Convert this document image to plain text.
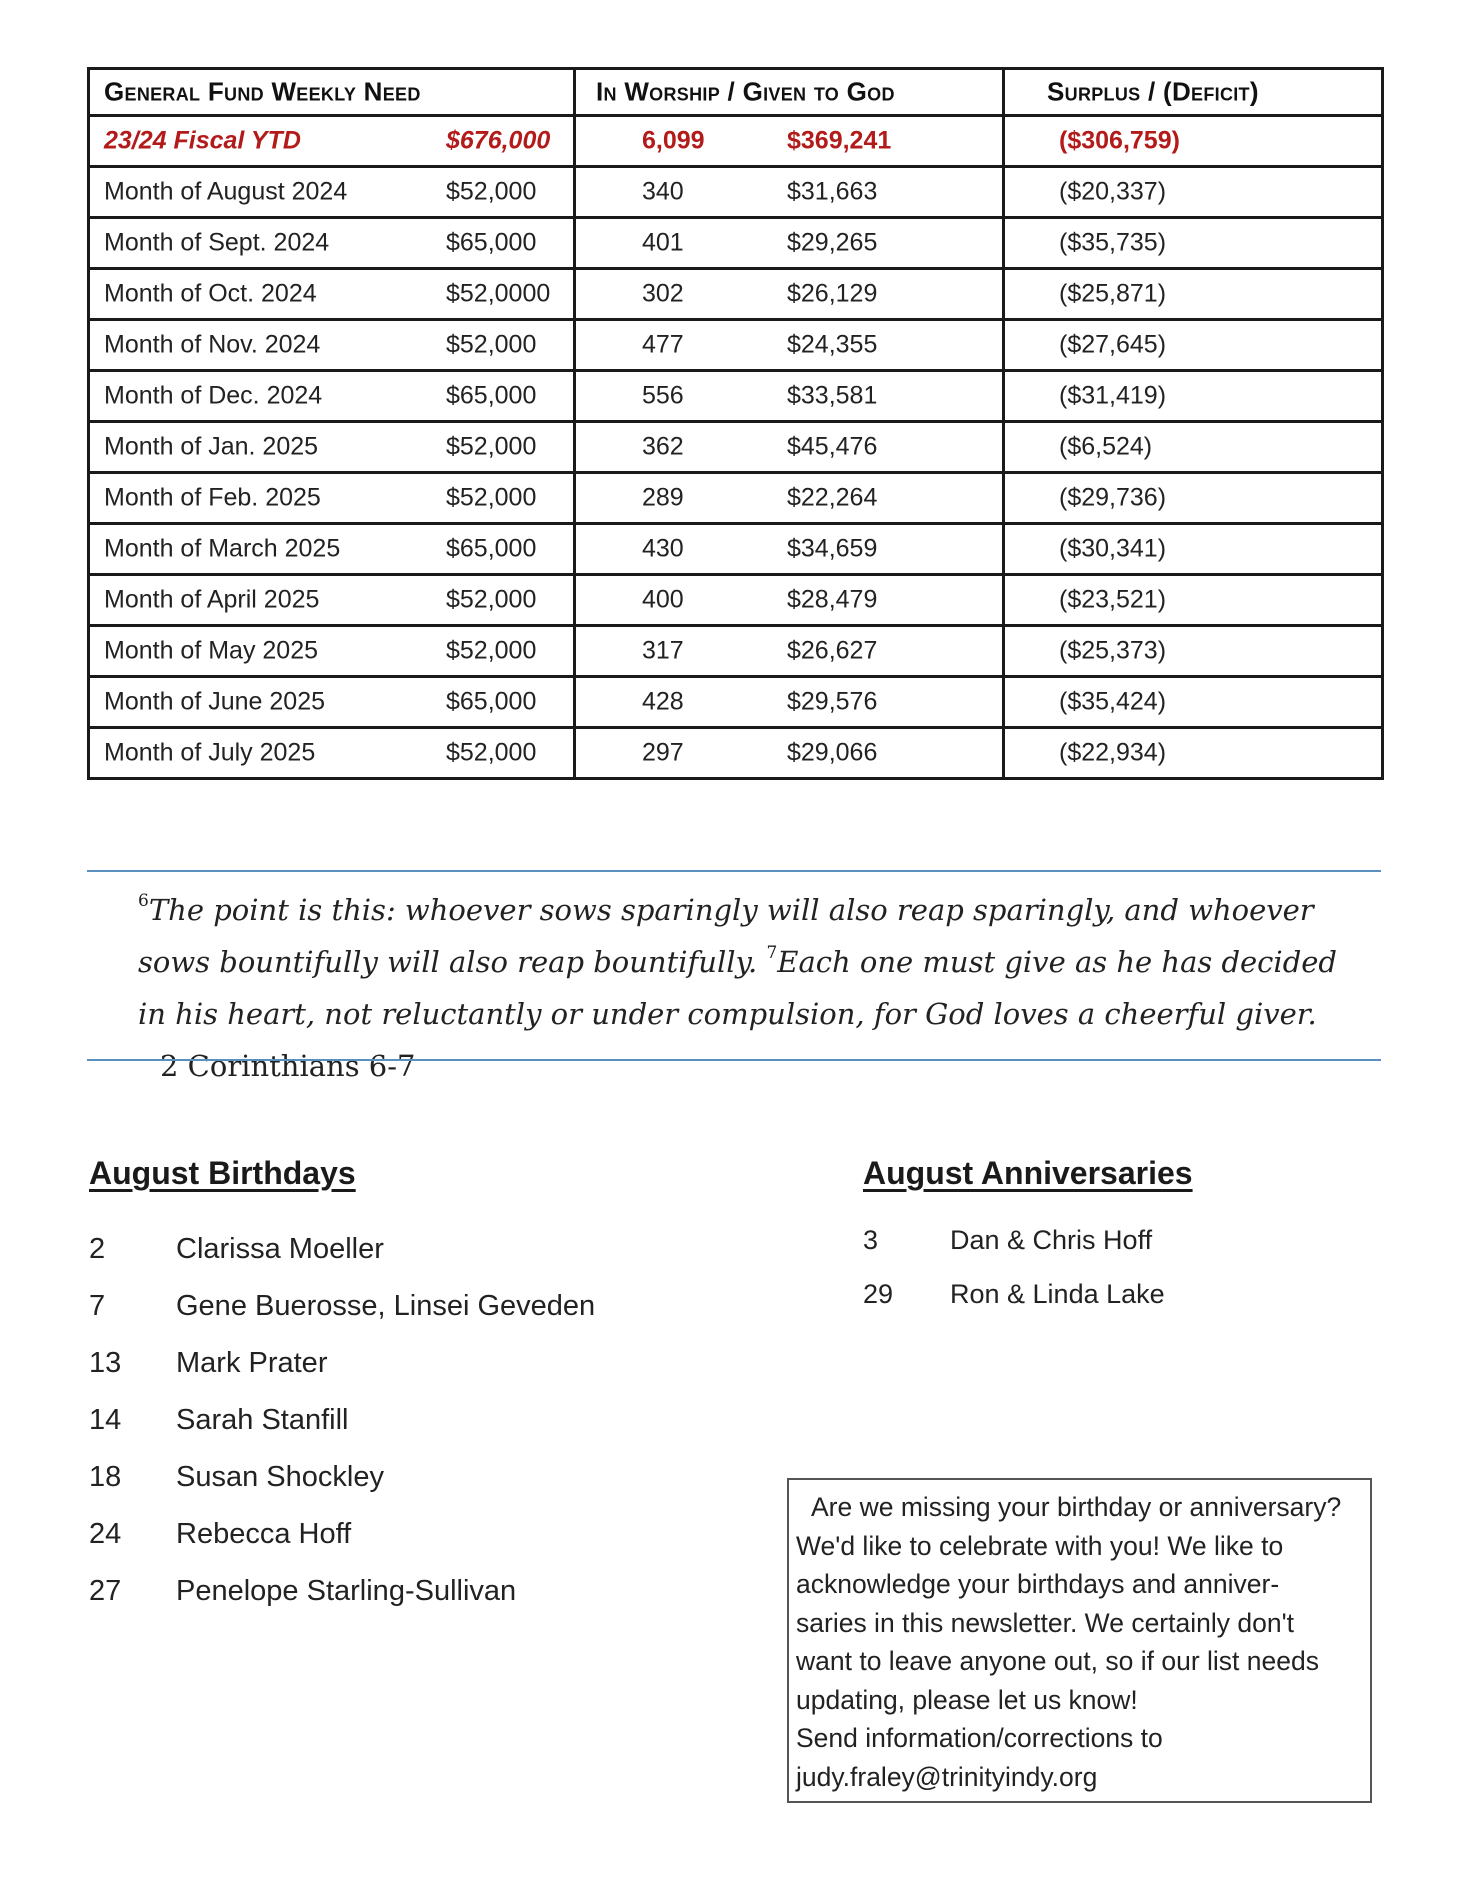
General Fund Weekly Need	In Worship / Given to God	Surplus / (Deficit)

23/24 Fiscal YTD $676,000	6,099 $369,241	($306,759)

Month of August 2024 $52,000	340 $31,663	($20,337)

Month of Sept. 2024 $65,000	401 $29,265	($35,735)

Month of Oct. 2024 $52,0000	302 $26,129	($25,871)

Month of Nov. 2024 $52,000	477 $24,355	($27,645)

Month of Dec. 2024 $65,000	556 $33,581	($31,419)

Month of Jan. 2025 $52,000	362 $45,476	($6,524)

Month of Feb. 2025 $52,000	289 $22,264	($29,736)

Month of March 2025 $65,000	430 $34,659	($30,341)

Month of April 2025 $52,000	400 $28,479	($23,521)

Month of May 2025 $52,000	317 $26,627	($25,373)

Month of June 2025 $65,000	428 $29,576	($35,424)

Month of July 2025 $52,000	297 $29,066	($22,934)
$^6$The point is this: whoever sows sparingly will also reap sparingly, and whoever sows bountifully will also reap bountifully. $^7$Each one must give as he has decided in his heart, not reluctantly or under compulsion, for God loves a cheerful giver. 2 Corinthians 6-7
August Birthdays
2 Clarissa Moeller
7 Gene Buerosse, Linsei Geveden
13 Mark Prater
14 Sarah Stanfill
18 Susan Shockley
24 Rebecca Hoff
27 Penelope Starling-Sullivan
August Anniversaries
3	Dan & Chris Hoff
29 Ron & Linda Lake

Are we missing your birthday or anniversary?

We'd like to celebrate with you! We like to

acknowledge your birthdays and anniver-

saries in this newsletter. We certainly don't

want to leave anyone out, so if our list needs

updating, please let us know!

Send information/corrections to

judy.fraley@trinityindy.org
